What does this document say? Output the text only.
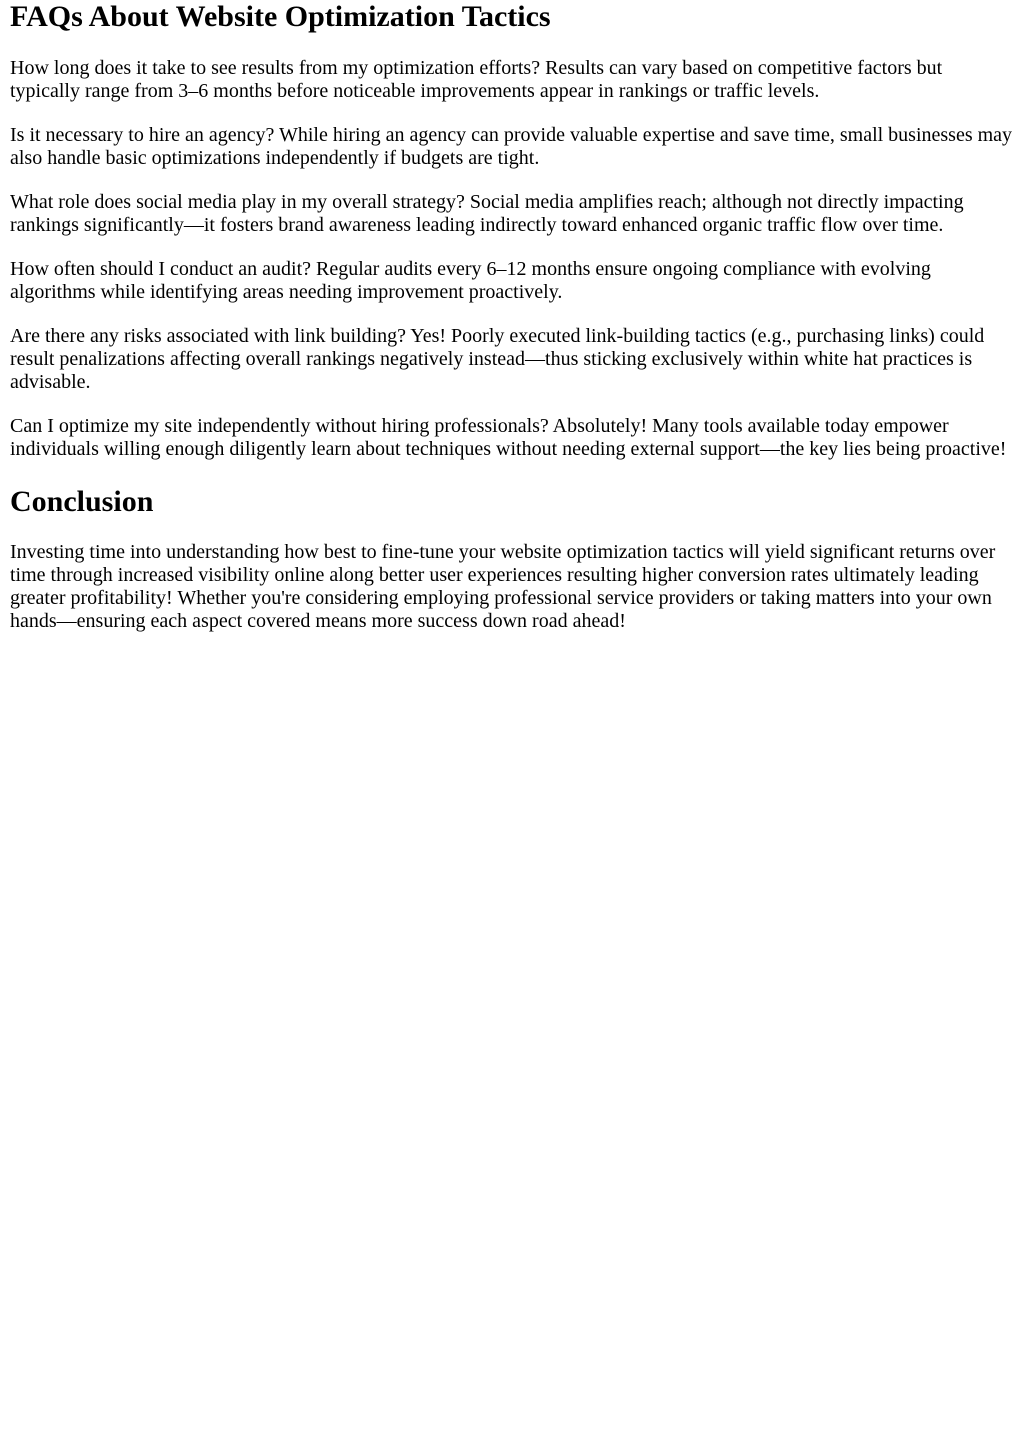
FAQs About Website Optimization Tactics

How long does it take to see results from my optimization efforts? Results can vary based on competitive factors but typically range from 3–6 months before noticeable improvements appear in rankings or traffic levels.

Is it necessary to hire an agency? While hiring an agency can provide valuable expertise and save time, small businesses may also handle basic optimizations independently if budgets are tight.

What role does social media play in my overall strategy? Social media amplifies reach; although not directly impacting rankings significantly—it fosters brand awareness leading indirectly toward enhanced organic traffic flow over time.

How often should I conduct an audit? Regular audits every 6–12 months ensure ongoing compliance with evolving algorithms while identifying areas needing improvement proactively.

Are there any risks associated with link building? Yes! Poorly executed link-building tactics (e.g., purchasing links) could result penalizations affecting overall rankings negatively instead—thus sticking exclusively within white hat practices is advisable.

Can I optimize my site independently without hiring professionals? Absolutely! Many tools available today empower individuals willing enough diligently learn about techniques without needing external support—the key lies being proactive!

Conclusion

Investing time into understanding how best to fine-tune your website optimization tactics will yield significant returns over time through increased visibility online along better user experiences resulting higher conversion rates ultimately leading greater profitability! Whether you're considering employing professional service providers or taking matters into your own hands—ensuring each aspect covered means more success down road ahead!
